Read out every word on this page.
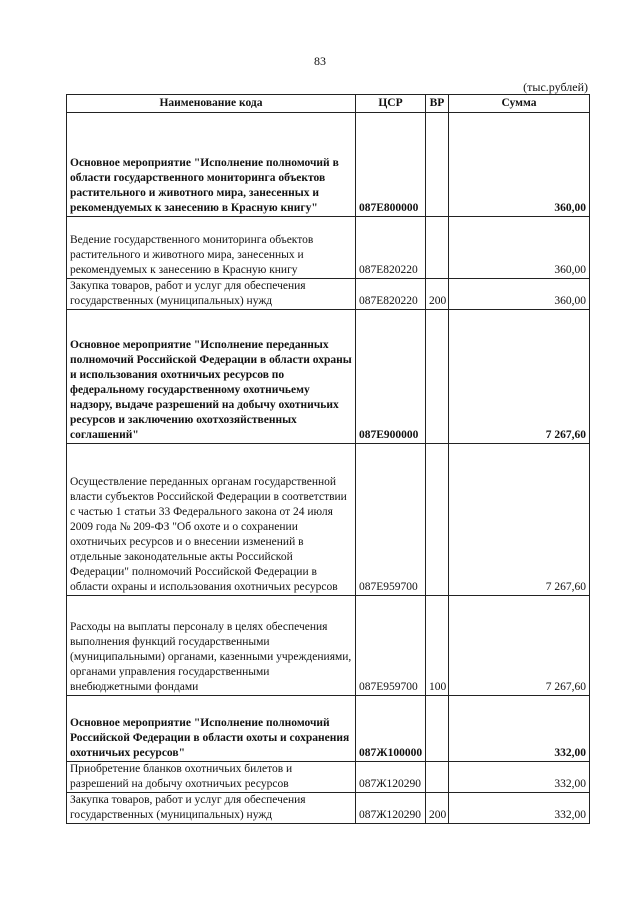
83
(тыс.рублей)
Наименование кода	ЦСР	ВР	Сумма
Основное мероприятие "Исполнение полномочий в области государственного мониторинга объектов растительного и животного мира, занесенных и рекомендуемых к занесению в Красную книгу"	087Е800000		360,00
Ведение государственного мониторинга объектов растительного и животного мира, занесенных и рекомендуемых к занесению в Красную книгу	087Е820220		360,00
Закупка товаров, работ и услуг для обеспечения государственных (муниципальных) нужд	087Е820220	200	360,00
Основное мероприятие "Исполнение переданных полномочий Российской Федерации в области охраны и использования охотничьих ресурсов по федеральному государственному охотничьему надзору, выдаче разрешений на добычу охотничьих ресурсов и заключению охотхозяйственных соглашений"	087Е900000		7 267,60
Осуществление переданных органам государственной власти субъектов Российской Федерации в соответствии с частью 1 статьи 33 Федерального закона от 24 июля 2009 года № 209-ФЗ "Об охоте и о сохранении охотничьих ресурсов и о внесении изменений в отдельные законодательные акты Российской Федерации" полномочий Российской Федерации в области охраны и использования охотничьих ресурсов	087Е959700		7 267,60
Расходы на выплаты персоналу в целях обеспечения выполнения функций государственными (муниципальными) органами, казенными учреждениями, органами управления государственными внебюджетными фондами	087Е959700	100	7 267,60
Основное мероприятие "Исполнение полномочий Российской Федерации в области охоты и сохранения охотничьих ресурсов"	087Ж100000		332,00
Приобретение бланков охотничьих билетов и разрешений на добычу охотничьих ресурсов	087Ж120290		332,00
Закупка товаров, работ и услуг для обеспечения государственных (муниципальных) нужд	087Ж120290	200	332,00
